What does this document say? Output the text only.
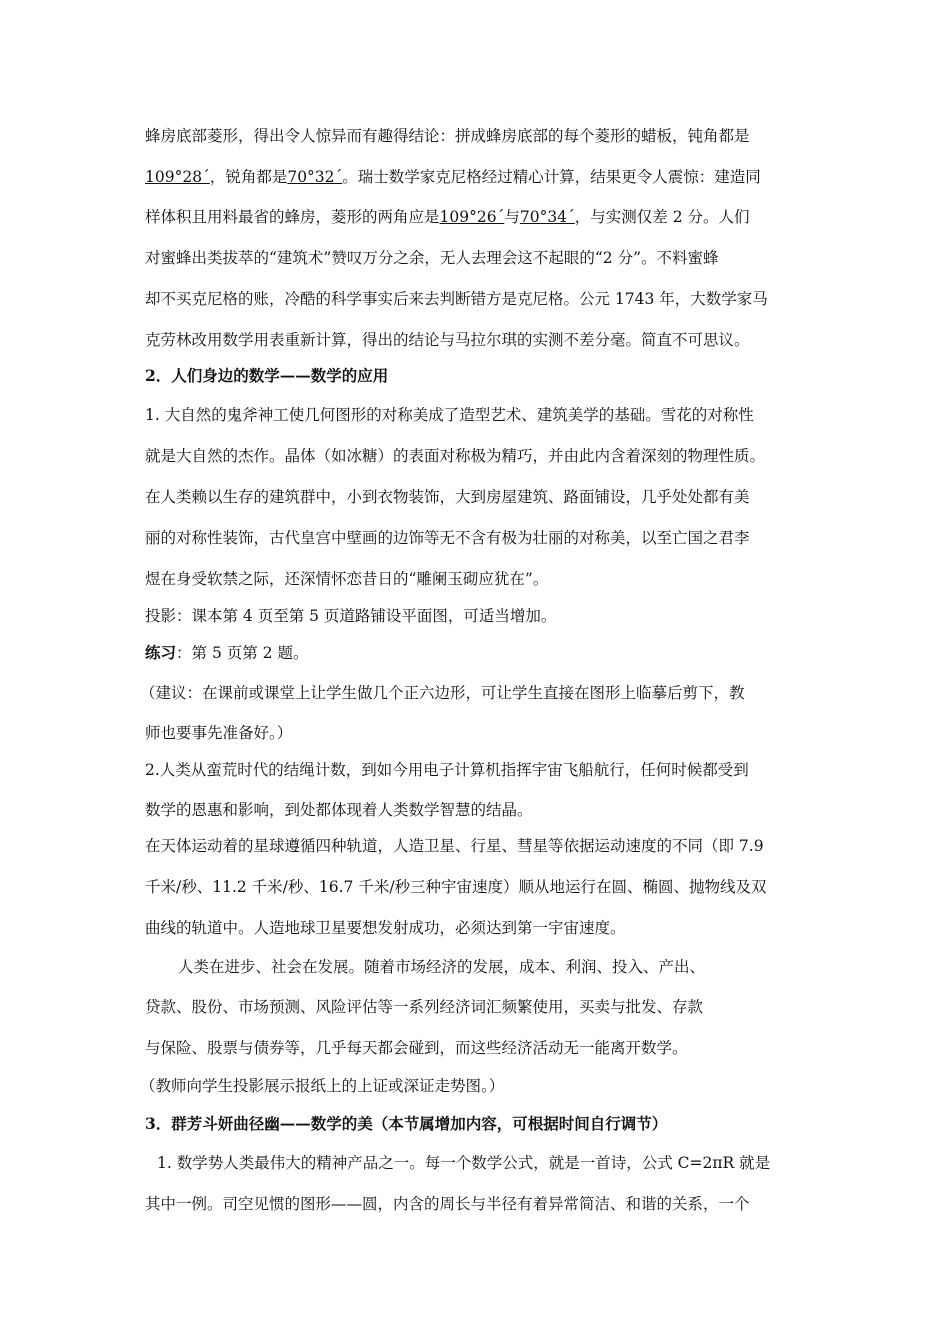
蜂房底部菱形，得出令人惊异而有趣得结论：拼成蜂房底部的每个菱形的蜡板，钝角都是
109°28´，锐角都是70°32´。瑞士数学家克尼格经过精心计算，结果更令人震惊：建造同
样体积且用料最省的蜂房，菱形的两角应是109°26´与70°34´，与实测仅差 2 分。人们
对蜜蜂出类拔萃的“建筑术”赞叹万分之余，无人去理会这不起眼的“2 分”。不料蜜蜂
却不买克尼格的账，冷酷的科学事实后来去判断错方是克尼格。公元 1743 年，大数学家马
克劳林改用数学用表重新计算，得出的结论与马拉尔琪的实测不差分毫。简直不可思议。
2．人们身边的数学——数学的应用
1. 大自然的鬼斧神工使几何图形的对称美成了造型艺术、建筑美学的基础。雪花的对称性
就是大自然的杰作。晶体（如冰糖）的表面对称极为精巧，并由此内含着深刻的物理性质。
在人类赖以生存的建筑群中，小到衣物装饰，大到房屋建筑、路面铺设，几乎处处都有美
丽的对称性装饰，古代皇宫中壁画的边饰等无不含有极为壮丽的对称美，以至亡国之君李
煜在身受软禁之际，还深情怀恋昔日的“雕阑玉砌应犹在”。
投影：课本第 4 页至第 5 页道路铺设平面图，可适当增加。
练习：第 5 页第 2 题。
（建议：在课前或课堂上让学生做几个正六边形，可让学生直接在图形上临摹后剪下，教
师也要事先准备好。）
2.人类从蛮荒时代的结绳计数，到如今用电子计算机指挥宇宙飞船航行，任何时候都受到
数学的恩惠和影响，到处都体现着人类数学智慧的结晶。
在天体运动着的星球遵循四种轨道，人造卫星、行星、彗星等依据运动速度的不同（即 7.9
千米/秒、11.2 千米/秒、16.7 千米/秒三种宇宙速度）顺从地运行在圆、椭圆、抛物线及双
曲线的轨道中。人造地球卫星要想发射成功，必须达到第一宇宙速度。
人类在进步、社会在发展。随着市场经济的发展，成本、利润、投入、产出、
贷款、股份、市场预测、风险评估等一系列经济词汇频繁使用，买卖与批发、存款
与保险、股票与债券等，几乎每天都会碰到，而这些经济活动无一能离开数学。
（教师向学生投影展示报纸上的上证或深证走势图。）
3．群芳斗妍曲径幽——数学的美（本节属增加内容，可根据时间自行调节）
1. 数学势人类最伟大的精神产品之一。每一个数学公式，就是一首诗，公式 C=2πR 就是
其中一例。司空见惯的图形——圆，内含的周长与半径有着异常简洁、和谐的关系，一个
